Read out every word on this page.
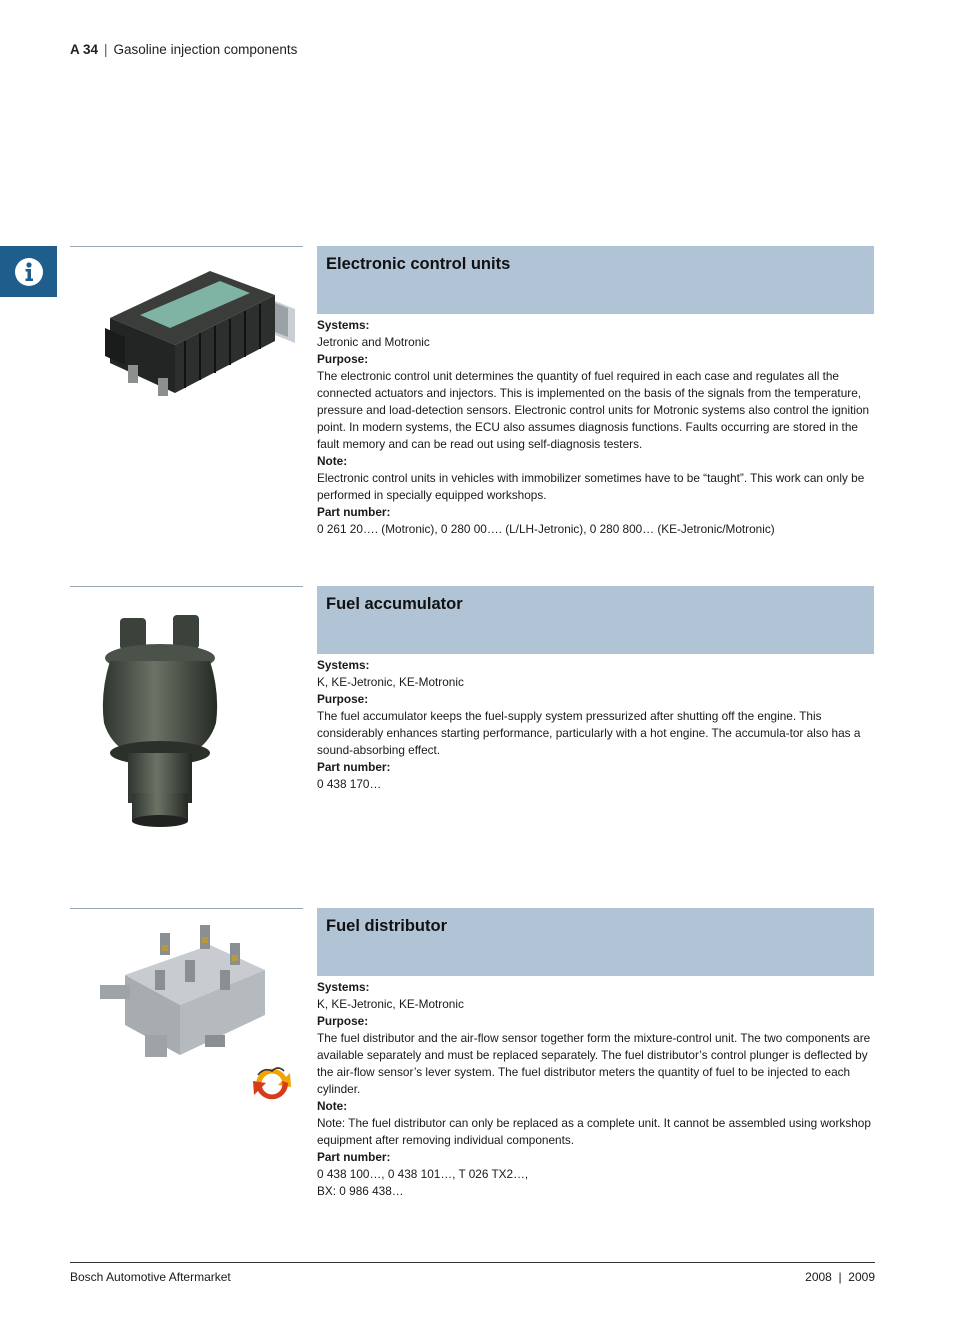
A 34 | Gasoline injection components
Electronic control units
Systems:
Jetronic and Motronic
Purpose:
The electronic control unit determines the quantity of fuel required in each case and regulates all the connected actuators and injectors. This is implemented on the basis of the signals from the temperature, pressure and load-detection sensors. Electronic control units for Motronic systems also control the ignition point. In modern systems, the ECU also assumes diagnosis functions. Faults occurring are stored in the fault memory and can be read out using self-diagnosis testers.
Note:
Electronic control units in vehicles with immobilizer sometimes have to be “taught”. This work can only be performed in specially equipped workshops.
Part number:
0 261 20…. (Motronic), 0 280 00…. (L/LH-Jetronic), 0 280 800… (KE-Jetronic/Motronic)
Fuel accumulator
Systems:
K, KE-Jetronic, KE-Motronic
Purpose:
The fuel accumulator keeps the fuel-supply system pressurized after shutting off the engine. This considerably enhances starting performance, particularly with a hot engine. The accumula-tor also has a sound-absorbing effect.
Part number:
0 438 170…
Fuel distributor
Systems:
K, KE-Jetronic, KE-Motronic
Purpose:
The fuel distributor and the air-flow sensor together form the mixture-control unit. The two components are available separately and must be replaced separately. The fuel distributor’s control plunger is deflected by the air-flow sensor’s lever system. The fuel distributor meters the quantity of fuel to be injected to each cylinder.
Note:
Note: The fuel distributor can only be replaced as a complete unit. It cannot be assembled using workshop equipment after removing individual components.
Part number:
0 438 100…, 0 438 101…, T 026 TX2…,
BX: 0 986 438…
Bosch Automotive Aftermarket	2008  |  2009
